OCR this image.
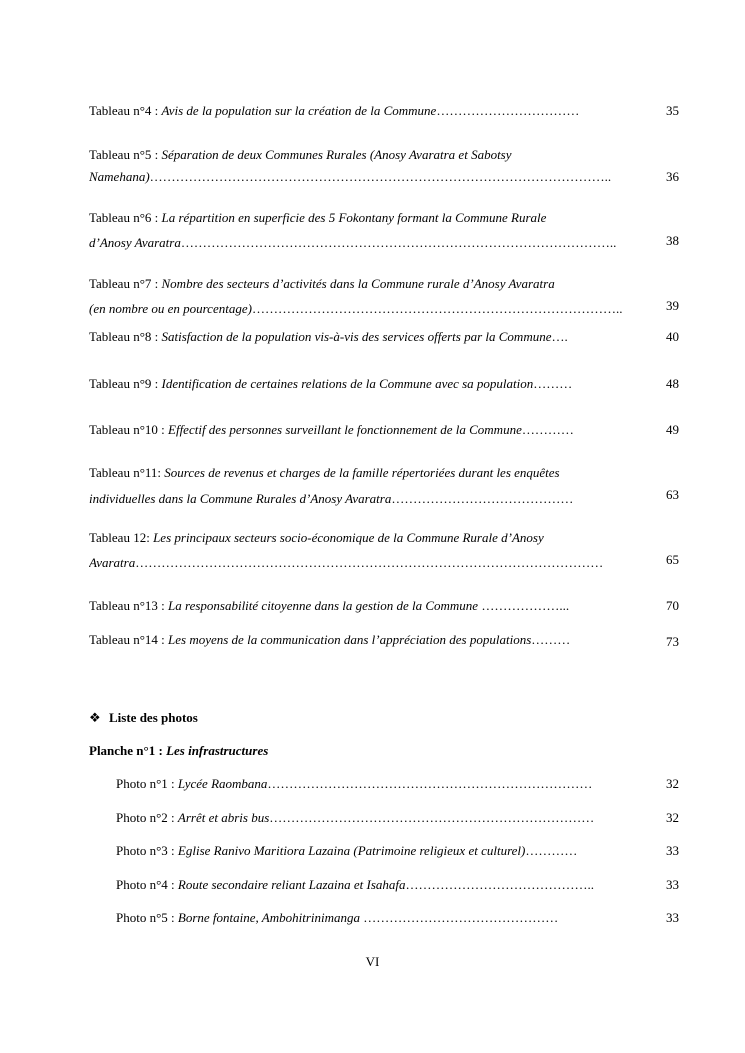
Tableau n°4 : Avis de la population sur la création de la Commune……………………………	35
Tableau n°5 : Séparation de deux Communes Rurales (Anosy Avaratra et Sabotsy
Namehana)……………………………………………………………………………………………..	36
Tableau n°6 : La répartition en superficie des 5 Fokontany formant la Commune Rurale
d’Anosy Avaratra………………………………………………………………………………………..	38
Tableau n°7 : Nombre des secteurs d’activités dans la Commune rurale d’Anosy Avaratra
(en nombre ou en pourcentage)…………………………………………………………………………..	39
Tableau n°8 : Satisfaction de la population vis-à-vis des services offerts par la Commune….	40
Tableau n°9 : Identification de certaines relations de la Commune avec sa population………	48
Tableau n°10 : Effectif des personnes surveillant le fonctionnement de la Commune…………	49
Tableau n°11: Sources de revenus et charges de la famille répertoriées durant les enquêtes
individuelles dans la Commune Rurales d’Anosy Avaratra……………………………………	63
Tableau 12: Les principaux secteurs socio-économique de la Commune Rurale d’Anosy
Avaratra………………………………………………………………………………………………	65
Tableau n°13 : La responsabilité citoyenne dans la gestion de la Commune ………………...	70
Tableau n°14 : Les moyens de la communication dans l’appréciation des populations………	73
❖ Liste des photos
Planche n°1 : Les infrastructures
Photo n°1 : Lycée Raombana…………………………………………………………………	32
Photo n°2 : Arrêt et abris bus…………………………………………………………………	32
Photo n°3 : Eglise Ranivo Maritiora Lazaina (Patrimoine religieux et culturel)…………	33
Photo n°4 : Route secondaire reliant Lazaina et Isahafa……………………………………..	33
Photo n°5 : Borne fontaine, Ambohitrinimanga ………………………………………	33
VI
